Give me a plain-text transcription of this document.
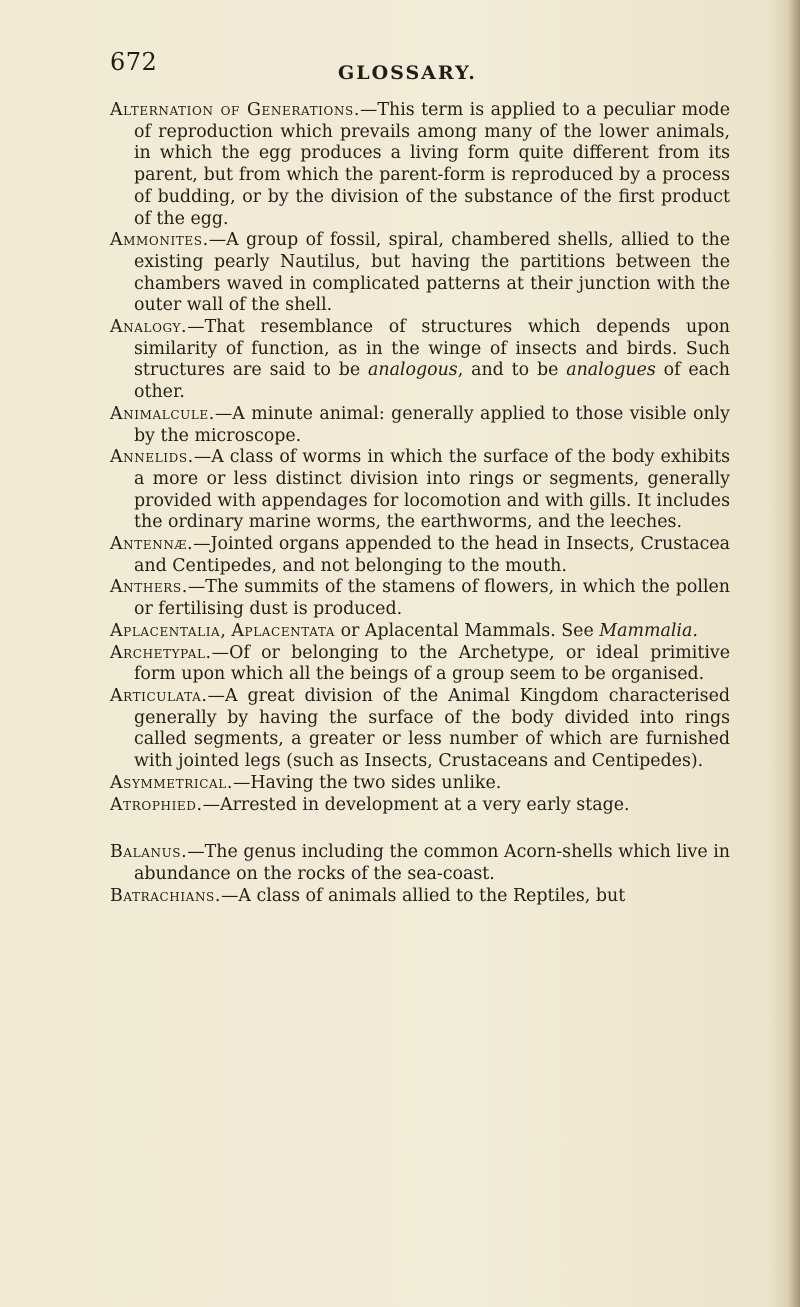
672	GLOSSARY.

Alternation of Generations.—This term is applied to a peculiar mode of reproduction which prevails among many of the lower animals, in which the egg produces a living form quite different from its parent, but from which the parent-form is reproduced by a process of budding, or by the division of the substance of the first product of the egg.

Ammonites.—A group of fossil, spiral, chambered shells, allied to the existing pearly Nautilus, but having the partitions between the chambers waved in complicated patterns at their junction with the outer wall of the shell.

Analogy.—That resemblance of structures which depends upon similarity of function, as in the winge of insects and birds. Such structures are said to be analogous, and to be analogues of each other.

Animalcule.—A minute animal: generally applied to those visible only by the microscope.

Annelids.—A class of worms in which the surface of the body exhibits a more or less distinct division into rings or segments, generally provided with appendages for locomotion and with gills. It includes the ordinary marine worms, the earthworms, and the leeches.

Antennæ.—Jointed organs appended to the head in Insects, Crustacea and Centipedes, and not belonging to the mouth.

Anthers.—The summits of the stamens of flowers, in which the pollen or fertilising dust is produced.

Aplacentalia, Aplacentata or Aplacental Mammals. See Mammalia.

Archetypal.—Of or belonging to the Archetype, or ideal primitive form upon which all the beings of a group seem to be organised.

Articulata.—A great division of the Animal Kingdom characterised generally by having the surface of the body divided into rings called segments, a greater or less number of which are furnished with jointed legs (such as Insects, Crustaceans and Centipedes).

Asymmetrical.—Having the two sides unlike.

Atrophied.—Arrested in development at a very early stage.

Balanus.—The genus including the common Acorn-shells which live in abundance on the rocks of the sea-coast.

Batrachians.—A class of animals allied to the Reptiles, but
